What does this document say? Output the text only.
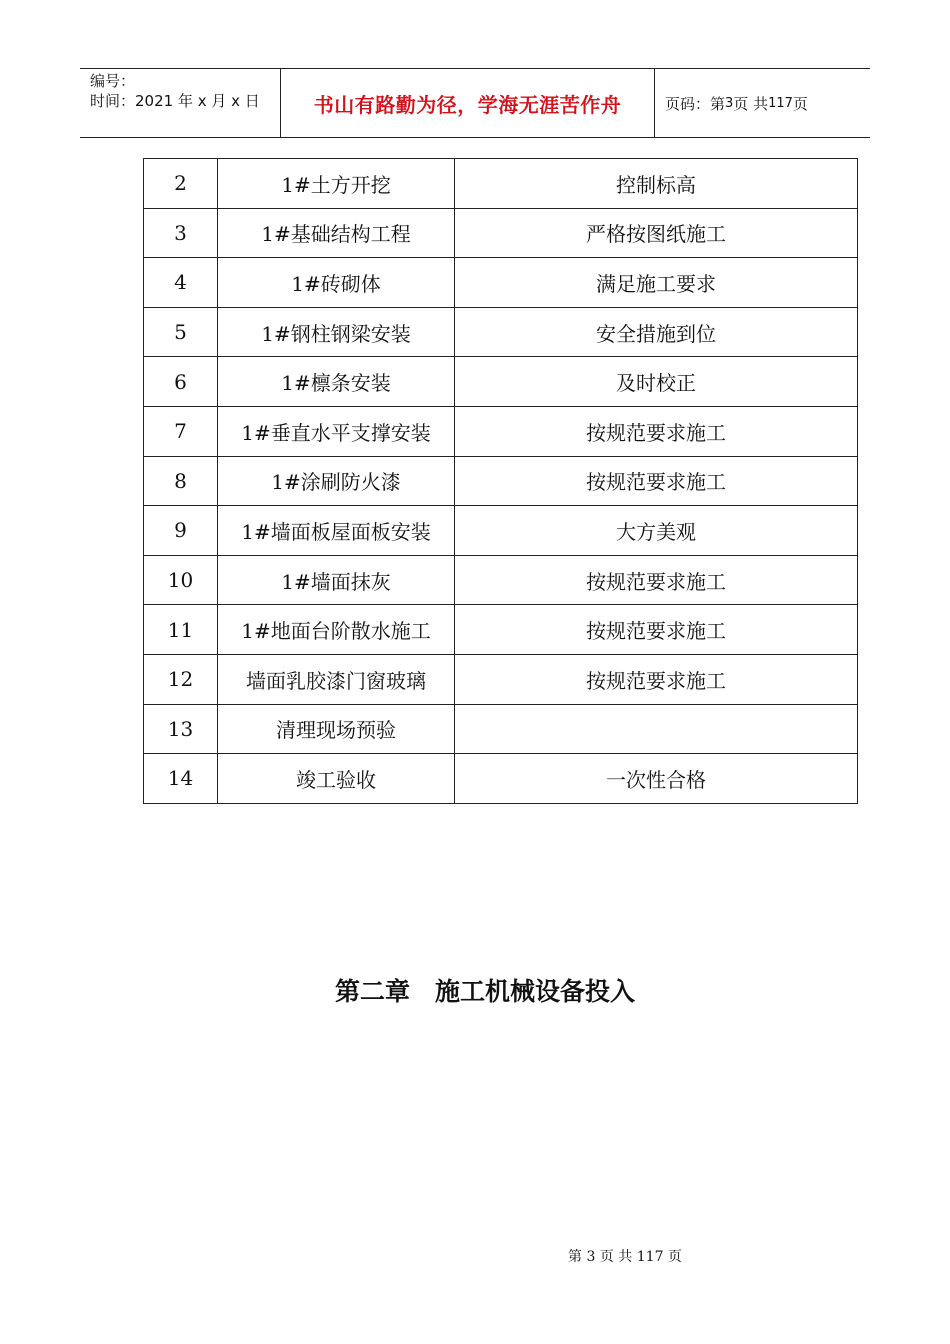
编号：
时间：2021 年 x 月 x 日	书山有路勤为径，学海无涯苦作舟	页码：第 3 页 共 117 页
2	1#土方开挖	控制标高
3	1#基础结构工程	严格按图纸施工
4	1#砖砌体	满足施工要求
5	1#钢柱钢梁安装	安全措施到位
6	1#檩条安装	及时校正
7	1#垂直水平支撑安装	按规范要求施工
8	1#涂刷防火漆	按规范要求施工
9	1#墙面板屋面板安装	大方美观
10	1#墙面抹灰	按规范要求施工
11	1#地面台阶散水施工	按规范要求施工
12	墙面乳胶漆门窗玻璃	按规范要求施工
13	清理现场预验	
14	竣工验收	一次性合格
第二章　施工机械设备投入
第 3 页 共 117 页
